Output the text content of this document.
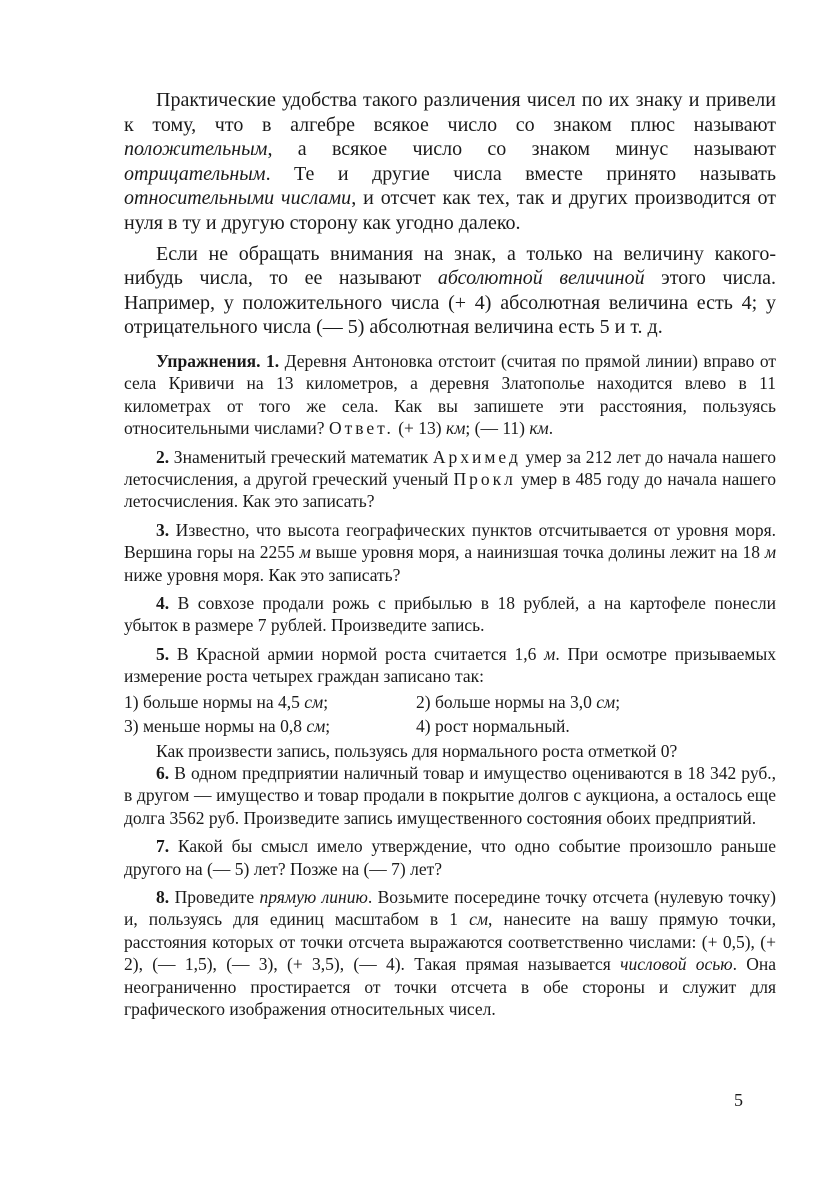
Практические удобства такого различения чисел по их знаку и привели к тому, что в алгебре всякое число со знаком плюс называют положительным, а всякое число со знаком минус называют отрицательным. Те и другие числа вместе принято называть относительными числами, и отсчет как тех, так и других производится от нуля в ту и другую сторону как угодно далеко.

Если не обращать внимания на знак, а только на величину какого-нибудь числа, то ее называют абсолютной величиной этого числа. Например, у положительного числа (+ 4) абсолютная величина есть 4; у отрицательного числа (— 5) абсолютная величина есть 5 и т. д.

Упражнения. 1. Деревня Антоновка отстоит (считая по прямой линии) вправо от села Кривичи на 13 километров, а деревня Златополье находится влево в 11 километрах от того же села. Как вы запишете эти расстояния, пользуясь относительными числами? Ответ. (+ 13) км; (— 11) км.

2. Знаменитый греческий математик Архимед умер за 212 лет до начала нашего летосчисления, а другой греческий ученый Прокл умер в 485 году до начала нашего летосчисления. Как это записать?

3. Известно, что высота географических пунктов отсчитывается от уровня моря. Вершина горы на 2255 м выше уровня моря, а наинизшая точка долины лежит на 18 м ниже уровня моря. Как это записать?

4. В совхозе продали рожь с прибылью в 18 рублей, а на картофеле понесли убыток в размере 7 рублей. Произведите запись.

5. В Красной армии нормой роста считается 1,6 м. При осмотре призываемых измерение роста четырех граждан записано так:

1) больше нормы на 4,5 см;	2) больше нормы на 3,0 см;
3) меньше нормы на 0,8 см;	4) рост нормальный.

Как произвести запись, пользуясь для нормального роста отметкой 0?

6. В одном предприятии наличный товар и имущество оцениваются в 18 342 руб., в другом — имущество и товар продали в покрытие долгов с аукциона, а осталось еще долга 3562 руб. Произведите запись имущественного состояния обоих предприятий.

7. Какой бы смысл имело утверждение, что одно событие произошло раньше другого на (— 5) лет? Позже на (— 7) лет?

8. Проведите прямую линию. Возьмите посередине точку отсчета (нулевую точку) и, пользуясь для единиц масштабом в 1 см, нанесите на вашу прямую точки, расстояния которых от точки отсчета выражаются соответственно числами: (+ 0,5), (+ 2), (— 1,5), (— 3), (+ 3,5), (— 4). Такая прямая называется числовой осью. Она неограниченно простирается от точки отсчета в обе стороны и служит для графического изображения относительных чисел.

5
